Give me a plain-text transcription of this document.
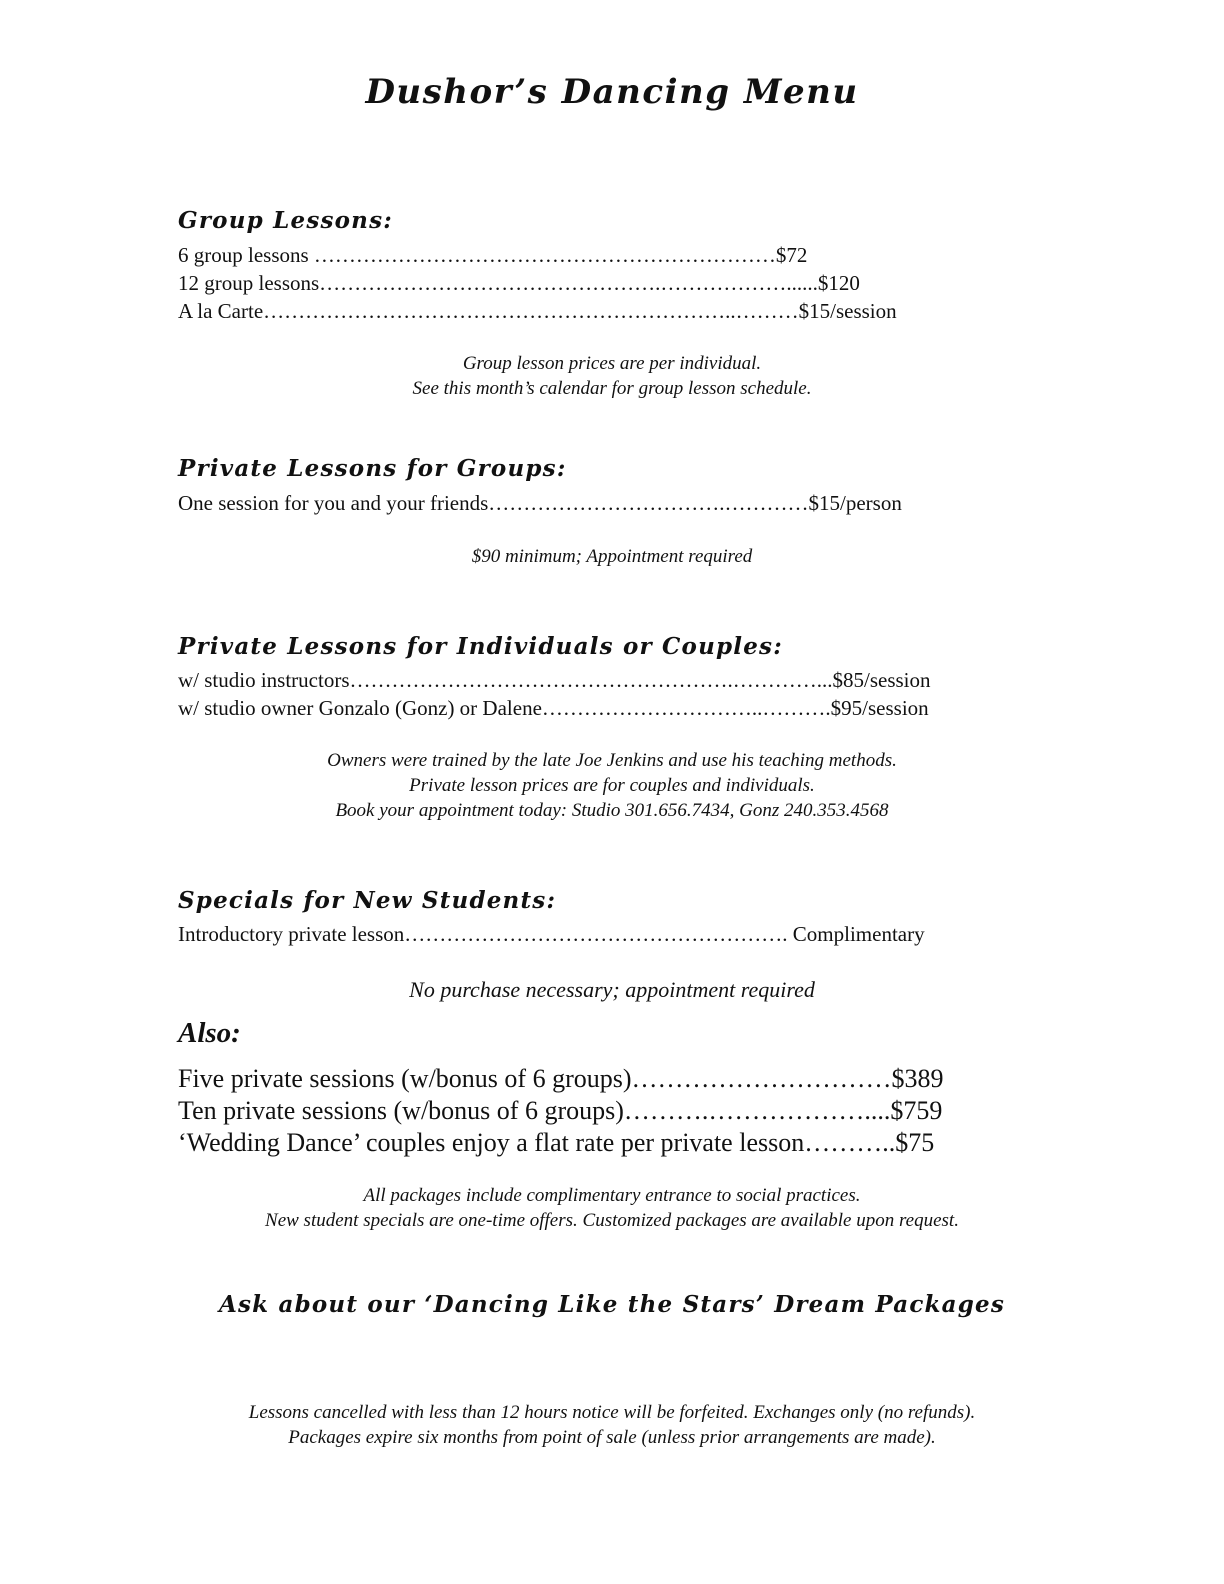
Dushor’s Dancing Menu
Group Lessons:
6 group lessons …………………………………………………………$72
12 group lessons………………………………………….………………......$120
A la Carte…………………………………………………………..………$15/session
Group lesson prices are per individual.
See this month’s calendar for group lesson schedule.
Private Lessons for Groups:
One session for you and your friends…………………………….…………$15/person
$90 minimum; Appointment required
Private Lessons for Individuals or Couples:
w/ studio instructors……………………………………………….…………...$85/session
w/ studio owner Gonzalo (Gonz) or Dalene…………………………..……….$95/session
Owners were trained by the late Joe Jenkins and use his teaching methods.
Private lesson prices are for couples and individuals.
Book your appointment today: Studio 301.656.7434, Gonz 240.353.4568
Specials for New Students:
Introductory private lesson………………………………………………. Complimentary
No purchase necessary; appointment required
Also:
Five private sessions (w/bonus of 6 groups)…………………………$389
Ten private sessions (w/bonus of 6 groups)……….………………....$759
‘Wedding Dance’ couples enjoy a flat rate per private lesson………..$75
All packages include complimentary entrance to social practices.
New student specials are one-time offers. Customized packages are available upon request.
Ask about our ‘Dancing Like the Stars’ Dream Packages
Lessons cancelled with less than 12 hours notice will be forfeited. Exchanges only (no refunds).
Packages expire six months from point of sale (unless prior arrangements are made).
